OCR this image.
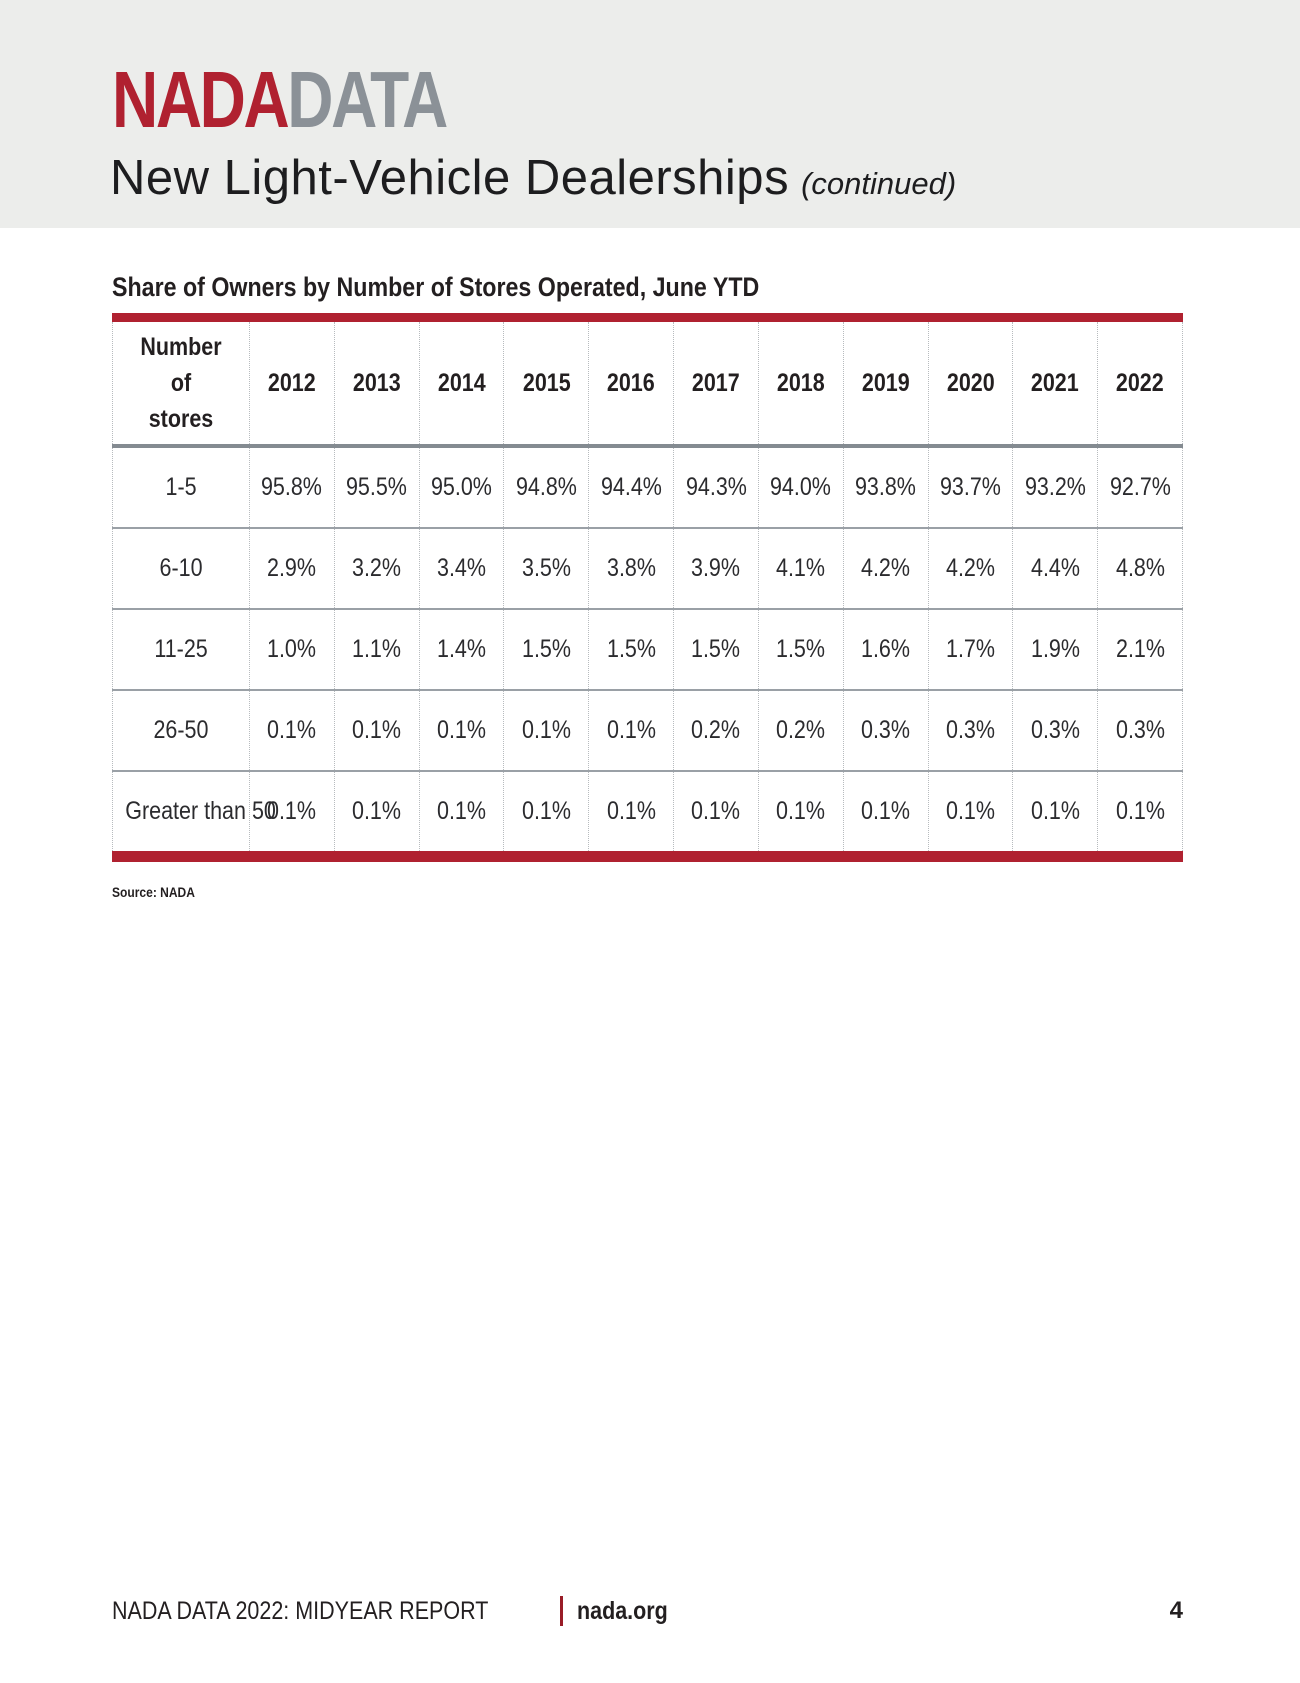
NADADATA
New Light-Vehicle Dealerships (continued)
Share of Owners by Number of Stores Operated, June YTD
Number of stores	2012	2013	2014	2015	2016	2017	2018	2019	2020	2021	2022
1-5	95.8%	95.5%	95.0%	94.8%	94.4%	94.3%	94.0%	93.8%	93.7%	93.2%	92.7%
6-10	2.9%	3.2%	3.4%	3.5%	3.8%	3.9%	4.1%	4.2%	4.2%	4.4%	4.8%
11-25	1.0%	1.1%	1.4%	1.5%	1.5%	1.5%	1.5%	1.6%	1.7%	1.9%	2.1%
26-50	0.1%	0.1%	0.1%	0.1%	0.1%	0.2%	0.2%	0.3%	0.3%	0.3%	0.3%
Greater than 50	0.1%	0.1%	0.1%	0.1%	0.1%	0.1%	0.1%	0.1%	0.1%	0.1%	0.1%
Source: NADA
NADA DATA 2022: MIDYEAR REPORT	nada.org	4
